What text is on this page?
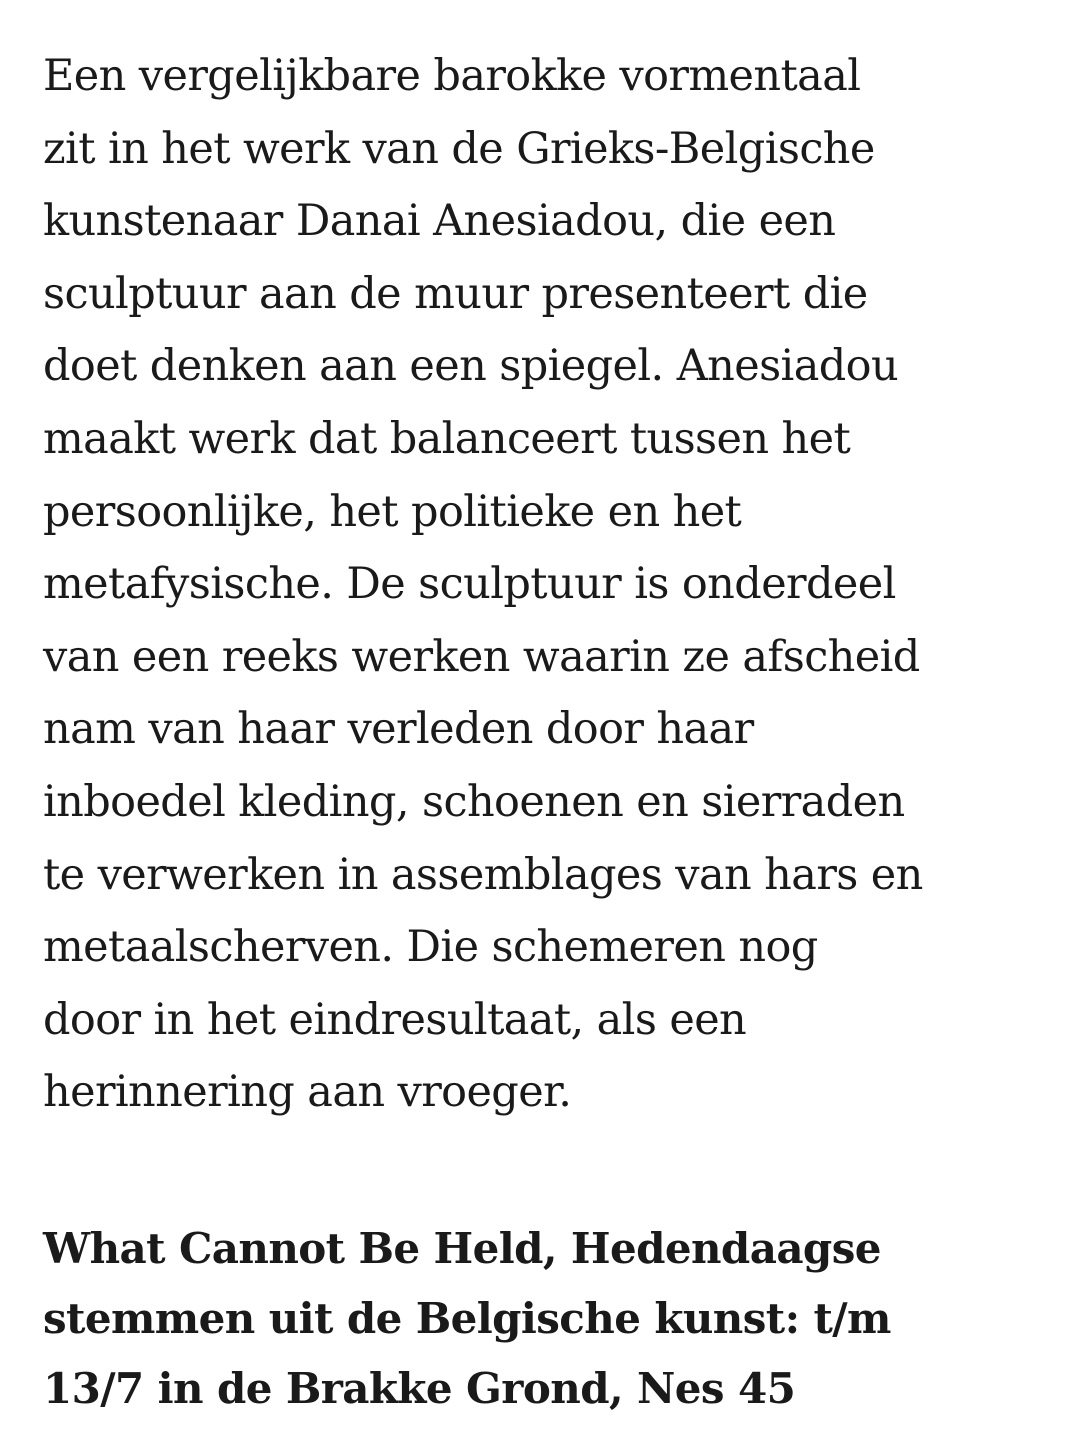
Een vergelijkbare barokke vormentaal
zit in het werk van de Grieks-Belgische
kunstenaar Danai Anesiadou, die een
sculptuur aan de muur presenteert die
doet denken aan een spiegel. Anesiadou
maakt werk dat balanceert tussen het
persoonlijke, het politieke en het
metafysische. De sculptuur is onderdeel
van een reeks werken waarin ze afscheid
nam van haar verleden door haar
inboedel kleding, schoenen en sierraden
te verwerken in assemblages van hars en
metaalscherven. Die schemeren nog
door in het eindresultaat, als een
herinnering aan vroeger.

What Cannot Be Held, Hedendaagse
stemmen uit de Belgische kunst: t/m
13/7 in de Brakke Grond, Nes 45
